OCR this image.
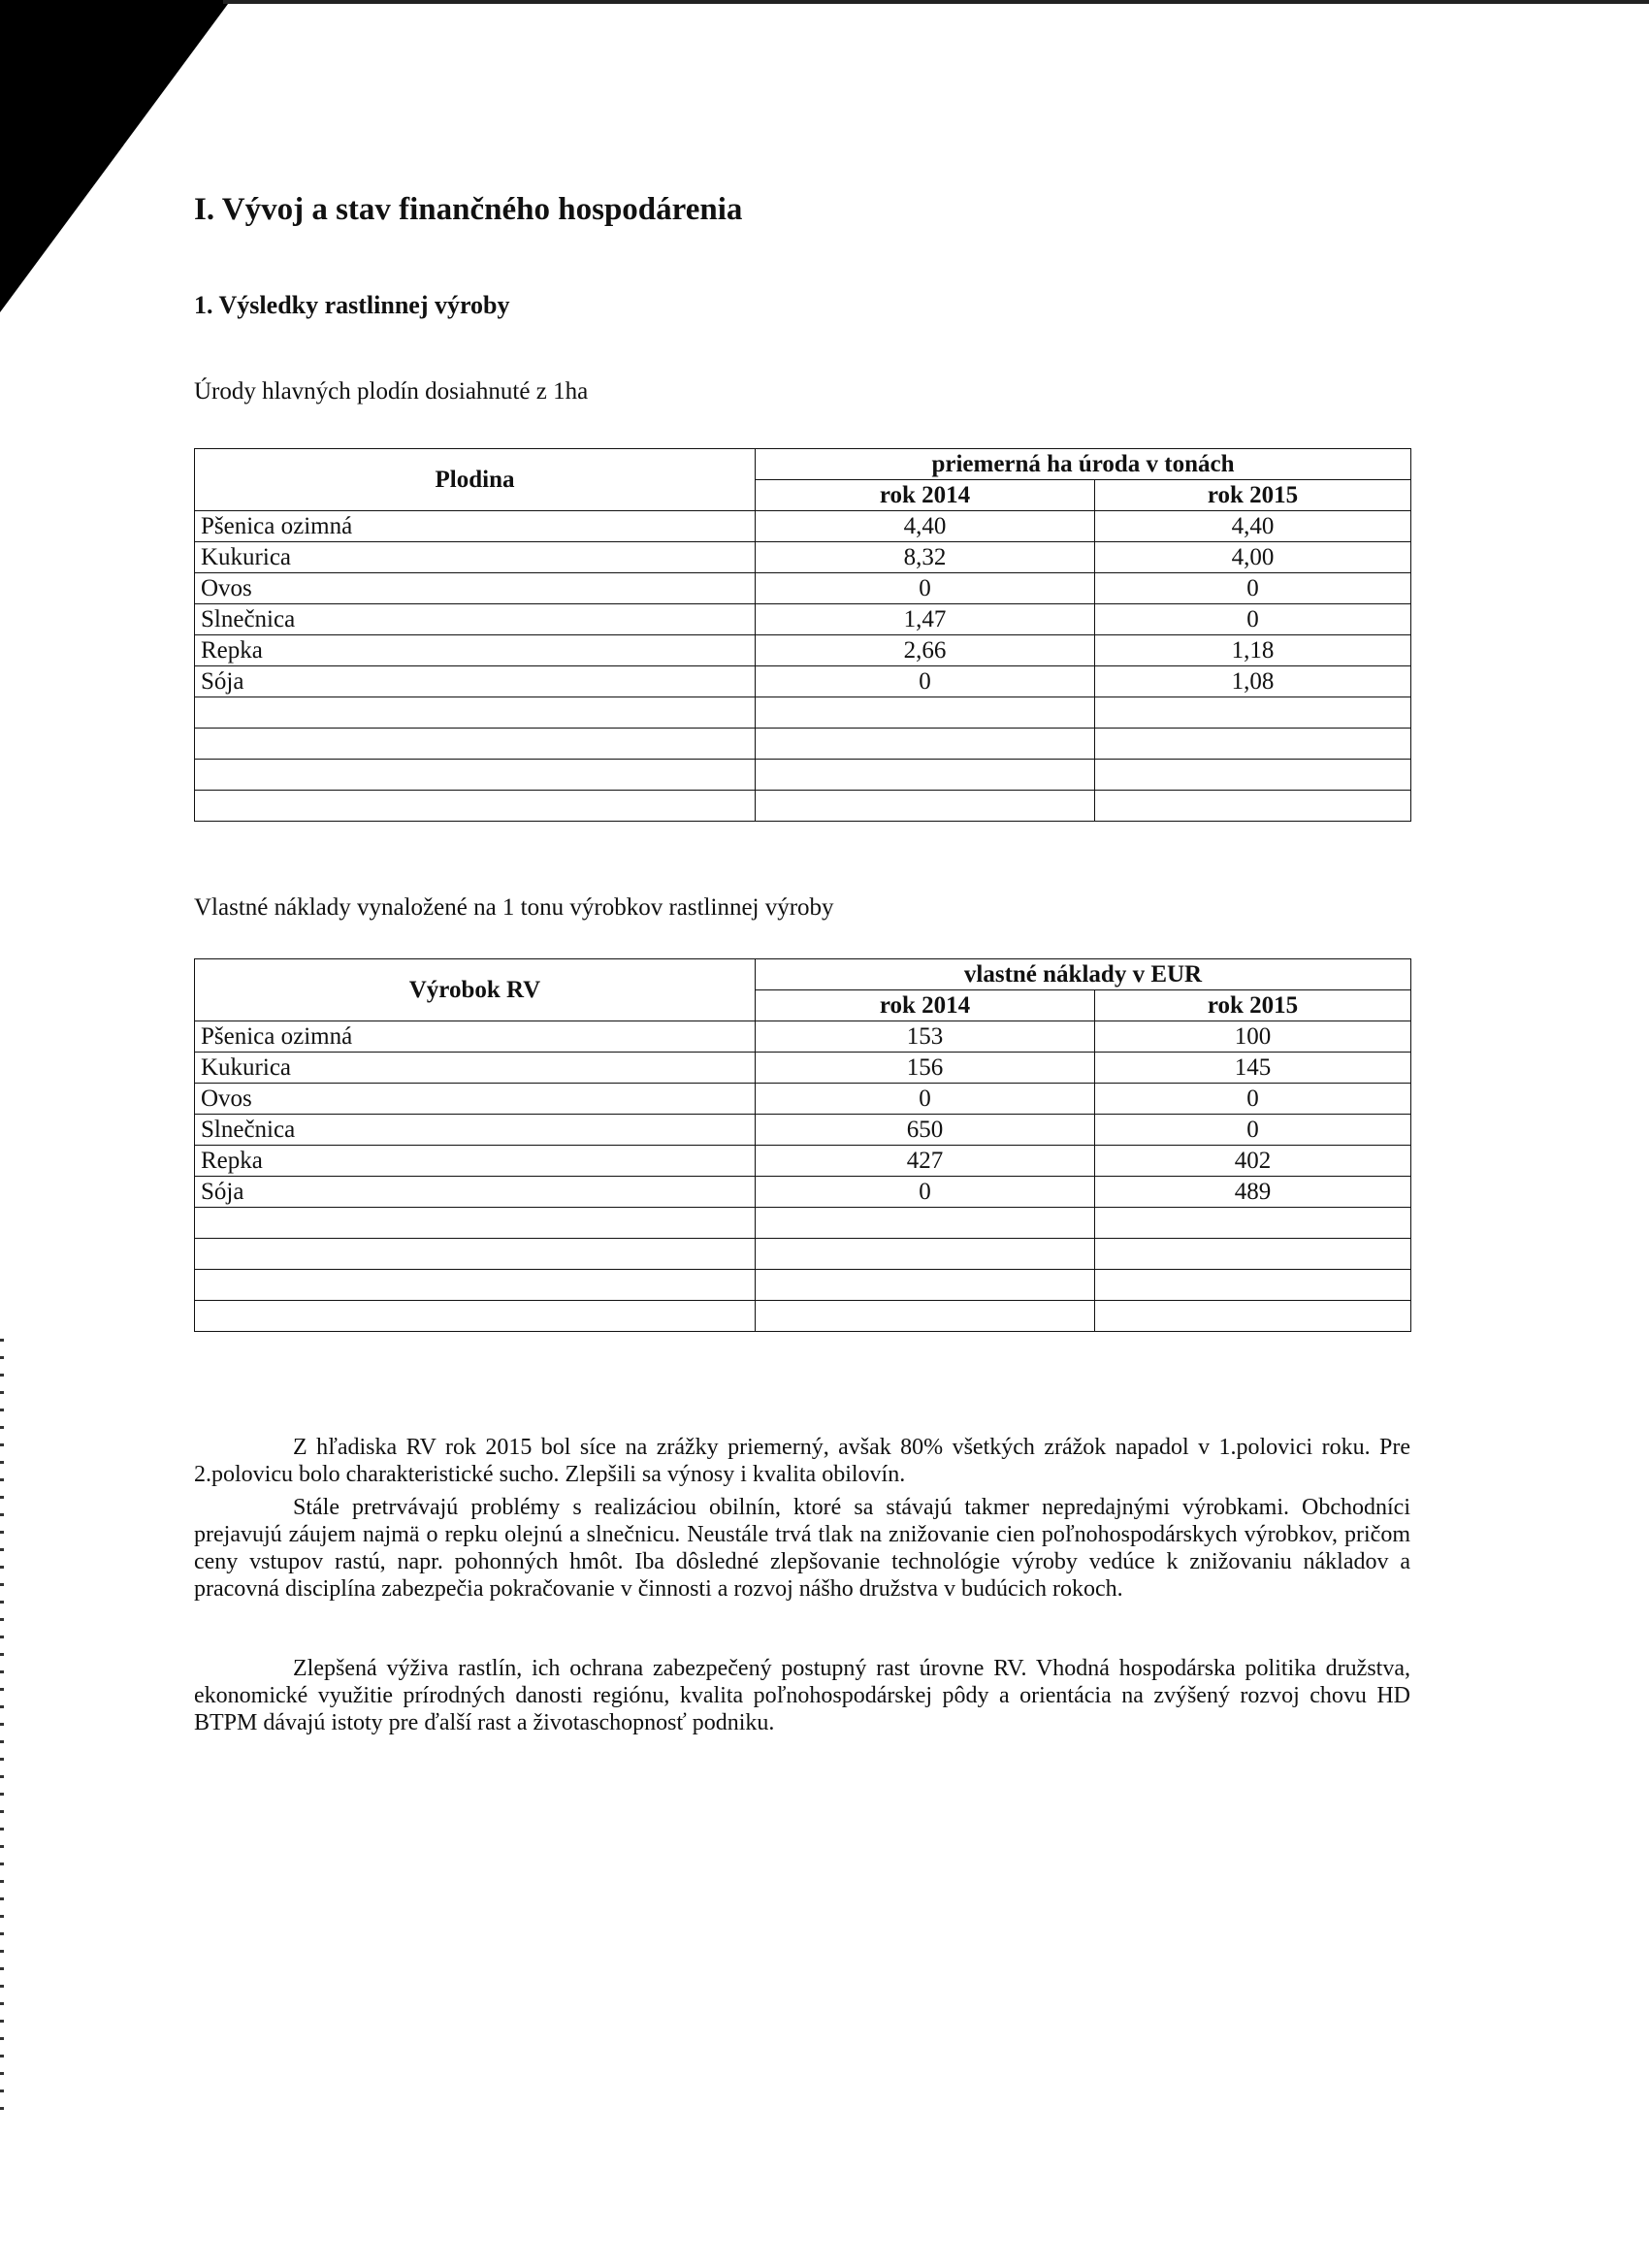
I. Vývoj a stav finančného hospodárenia
1. Výsledky rastlinnej výroby
Úrody hlavných plodín dosiahnuté z 1ha
Plodina	priemerná ha úroda v tonách	
	rok 2014	rok 2015
Pšenica ozimná	4,40	4,40
Kukurica	8,32	4,00
Ovos	0	0
Slnečnica	1,47	0
Repka	2,66	1,18
Sója	0	1,08

Vlastné náklady vynaložené na 1 tonu výrobkov rastlinnej výroby
Výrobok RV	vlastné náklady v EUR	
	rok 2014	rok 2015
Pšenica ozimná	153	100
Kukurica	156	145
Ovos	0	0
Slnečnica	650	0
Repka	427	402
Sója	0	489

Z hľadiska RV rok 2015 bol síce na zrážky priemerný, avšak 80% všetkých zrážok napadol v 1.polovici roku. Pre 2.polovicu bolo charakteristické sucho. Zlepšili sa výnosy i kvalita obilovín.

Stále pretrvávajú problémy s realizáciou obilnín, ktoré sa stávajú takmer nepredajnými výrobkami. Obchodníci prejavujú záujem najmä o repku olejnú a slnečnicu. Neustále trvá tlak na znižovanie cien poľnohospodárskych výrobkov, pričom ceny vstupov rastú, napr. pohonných hmôt. Iba dôsledné zlepšovanie technológie výroby vedúce k znižovaniu nákladov a pracovná disciplína zabezpečia pokračovanie v činnosti a rozvoj nášho družstva v budúcich rokoch.

Zlepšená výživa rastlín, ich ochrana zabezpečený postupný rast úrovne RV. Vhodná hospodárska politika družstva, ekonomické využitie prírodných danosti regiónu, kvalita poľnohospodárskej pôdy a orientácia na zvýšený rozvoj chovu HD BTPM dávajú istoty pre ďalší rast a životaschopnosť podniku.
